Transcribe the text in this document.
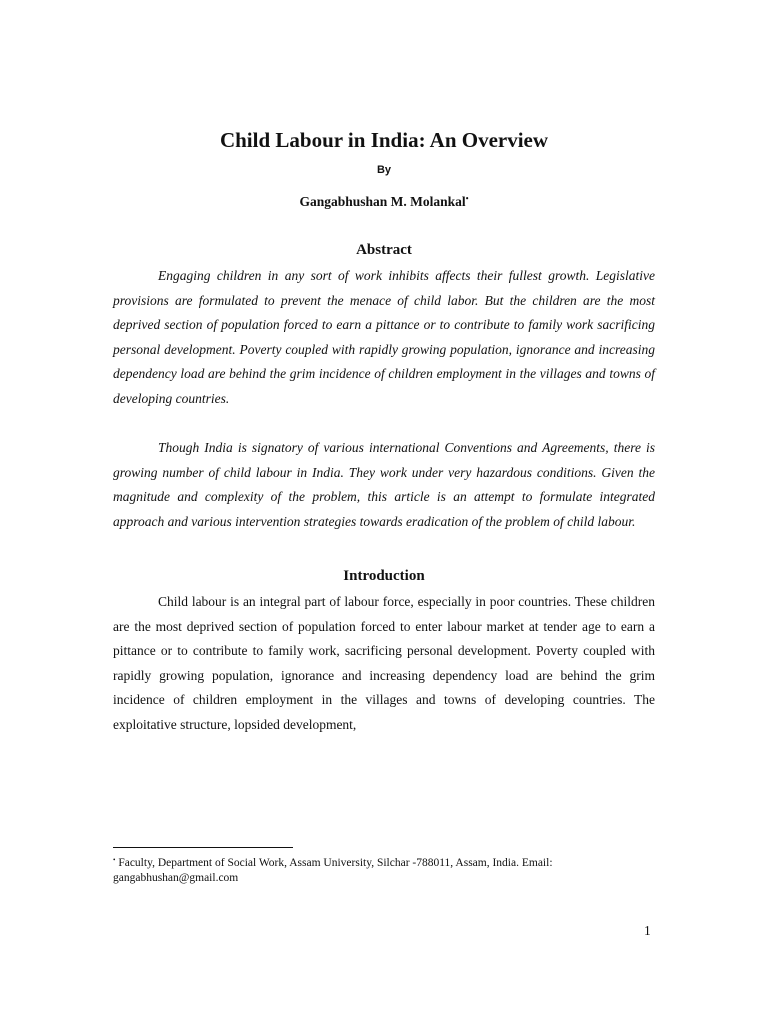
Child Labour in India: An Overview
By
Gangabhushan M. Molankal•
Abstract

Engaging children in any sort of work inhibits affects their fullest growth. Legislative provisions are formulated to prevent the menace of child labor. But the children are the most deprived section of population forced to earn a pittance or to contribute to family work sacrificing personal development. Poverty coupled with rapidly growing population, ignorance and increasing dependency load are behind the grim incidence of children employment in the villages and towns of developing countries.

Though India is signatory of various international Conventions and Agreements, there is growing number of child labour in India. They work under very hazardous conditions. Given the magnitude and complexity of the problem, this article is an attempt to formulate integrated approach and various intervention strategies towards eradication of the problem of child labour.

Introduction

Child labour is an integral part of labour force, especially in poor countries. These children are the most deprived section of population forced to enter labour market at tender age to earn a pittance or to contribute to family work, sacrificing personal development. Poverty coupled with rapidly growing population, ignorance and increasing dependency load are behind the grim incidence of children employment in the villages and towns of developing countries. The exploitative structure, lopsided development,

• Faculty, Department of Social Work, Assam University, Silchar -788011, Assam, India. Email: gangabhushan@gmail.com
1
